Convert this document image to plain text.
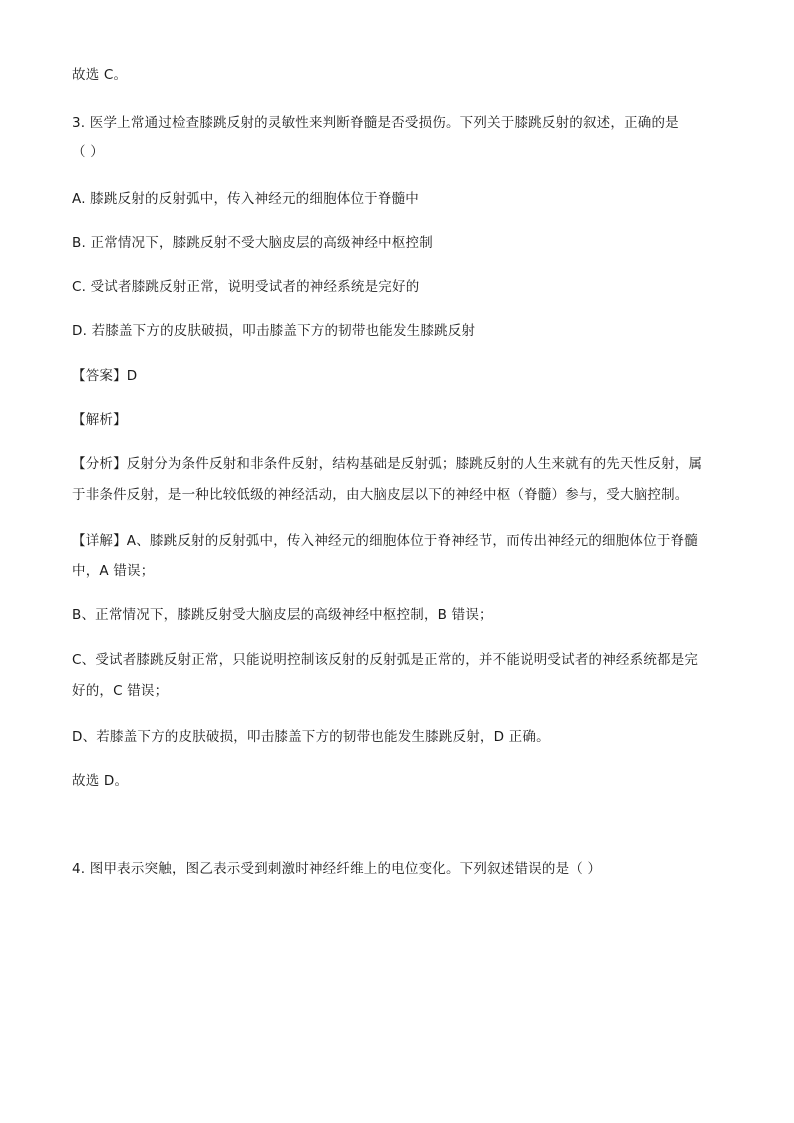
故选 C。
3. 医学上常通过检查膝跳反射的灵敏性来判断脊髓是否受损伤。下列关于膝跳反射的叙述，正确的是
（ ）
A. 膝跳反射的反射弧中，传入神经元的细胞体位于脊髓中
B. 正常情况下，膝跳反射不受大脑皮层的高级神经中枢控制
C. 受试者膝跳反射正常，说明受试者的神经系统是完好的
D. 若膝盖下方的皮肤破损，叩击膝盖下方的韧带也能发生膝跳反射
【答案】D
【解析】
【分析】反射分为条件反射和非条件反射，结构基础是反射弧；膝跳反射的人生来就有的先天性反射，属
于非条件反射，是一种比较低级的神经活动，由大脑皮层以下的神经中枢（脊髓）参与，受大脑控制。
【详解】A、膝跳反射的反射弧中，传入神经元的细胞体位于脊神经节，而传出神经元的细胞体位于脊髓
中，A 错误；
B、正常情况下，膝跳反射受大脑皮层的高级神经中枢控制，B 错误；
C、受试者膝跳反射正常，只能说明控制该反射的反射弧是正常的，并不能说明受试者的神经系统都是完
好的，C 错误；
D、若膝盖下方的皮肤破损，叩击膝盖下方的韧带也能发生膝跳反射，D 正确。
故选 D。
4. 图甲表示突触，图乙表示受到刺激时神经纤维上的电位变化。下列叙述错误的是（ ）
